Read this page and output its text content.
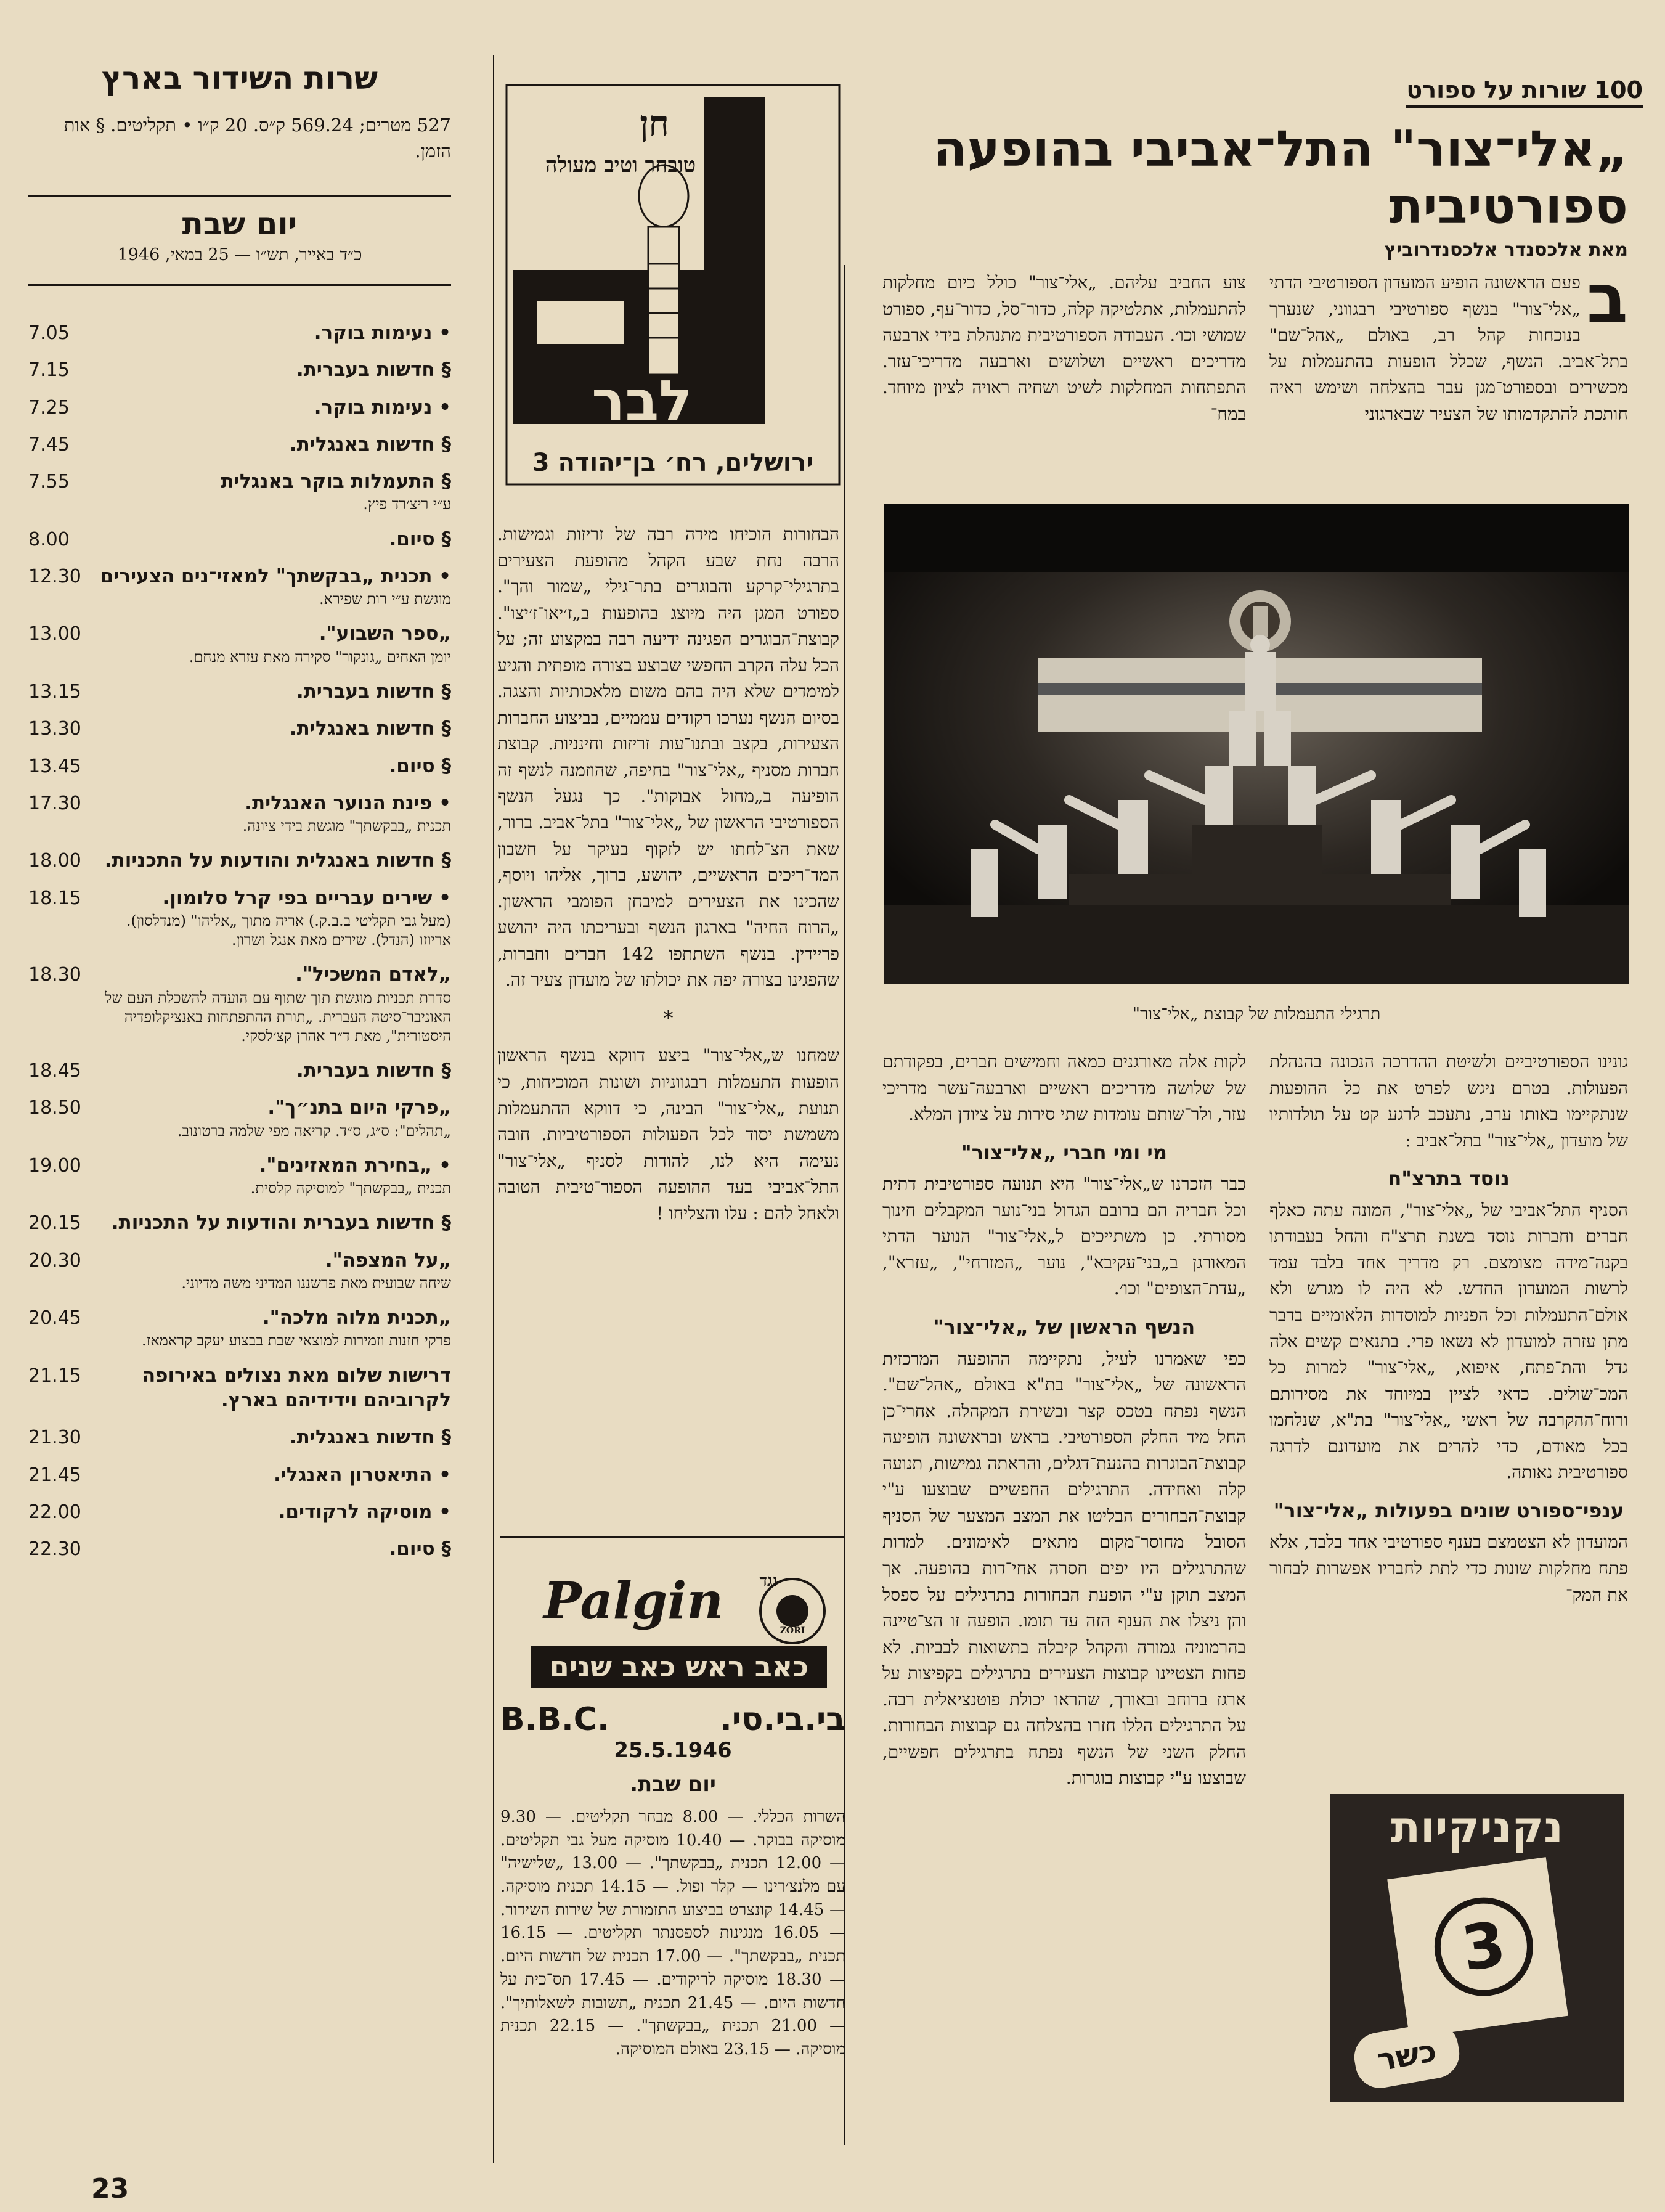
100 שורות על ספורט
„אלי־צור" התל־אביבי בהופעה ספורטיבית
מאת אלכסנדר אלכסנדרוביץ
ב
פעם הראשונה הופיע המועדון הספורטיבי הדתי „אלי־צור" בנשף ספורטיבי רבגווני, שנערך בנוכחות קהל רב, באולם „אהל־שם" בתל־אביב. הנשף, שכלל הופעות בהתעמלות על מכשירים ובספורט־מגן עבר בהצלחה ושימש ראיה חותכת להתקדמותו של הצעיר שבארגוני

צוע החביב עליהם. „אלי־צור" כולל כיום מחלקות להתעמלות, אתלטיקה קלה, כדור־סל, כדור־עף, ספורט שמושי וכו׳. העבודה הספורטיבית מתנהלת בידי ארבעה מדריכים ראשיים ושלושים וארבעה מדריכי־עזר. התפתחות המחלקות לשיט ושחיה ראויה לציון מיוחד. במח־

תרגילי התעמלות של קבוצת „אלי־צור"

גונינו הספורטיביים ולשיטת ההדרכה הנכונה בהנהלת הפעולות. בטרם ניגש לפרט את כל ההופעות שנתקיימו באותו ערב, נתעכב לרגע קט על תולדותיו של מועדון „אלי־צור" בתל־אביב :

נוסד בתרצ"ח

הסניף התל־אביבי של „אלי־צור", המונה עתה כאלף חברים וחברות נוסד בשנת תרצ"ח והחל בעבודתו בקנה־מידה מצומצם. רק מדריך אחד בלבד עמד לרשות המועדון החדש. לא היה לו מגרש ולא אולם־התעמלות וכל הפניות למוסדות הלאומיים בדבר מתן עזרה למועדון לא נשאו פרי. בתנאים קשים אלה גדל והת־פתח, איפוא, „אלי־צור" למרות כל המכ־שולים. כדאי לציין במיוחד את מסירותם ורוח־ההקרבה של ראשי „אלי־צור" בת"א, שנלחמו בכל מאודם, כדי להרים את מועדונם לדרגה ספורטיבית נאותה.

ענפי־ספורט שונים בפעולות „אלי־צור"

המועדון לא הצטמצם בענף ספורטיבי אחד בלבד, אלא פתח מחלקות שונות כדי לתת לחבריו אפשרות לבחור את המק־

לקות אלה מאורגנים כמאה וחמישים חברים, בפקודתם של שלושה מדריכים ראשיים וארבעה־עשר מדריכי עזר, ולר־שותם עומדות שתי סירות על ציודן המלא.

מי ומי חברי „אלי־צור"

כבר הזכרנו ש„אלי־צור" היא תנועה ספורטיבית דתית וכל חבריה הם ברובם הגדול בני־נוער המקבלים חינוך מסורתי. כן משתייכים ל„אלי־צור" הנוער הדתי המאורגן ב„בני־עקיבא", נוער „המזרחי", „עזרא", „עדת־הצופים" וכו׳.

הנשף הראשון של „אלי־צור"

כפי שאמרנו לעיל, נתקיימה ההופעה המרכזית הראשונה של „אלי־צור" בת"א באולם „אהל־שם". הנשף נפתח בטכס קצר ובשירת המקהלה. אחרי־כן החל מיד החלק הספורטיבי. בראש ובראשונה הופיעה קבוצת־הבוגרות בהנעת־דגלים, והראתה גמישות, תנועה קלה ואחידה. התרגילים החפשיים שבוצעו ע"י קבוצת־הבחורים הבליטו את המצב המצער של הסניף הסובל מחוסר־מקום מתאים לאימונים. למרות שהתרגילים היו יפים חסרה אחי־דות בהופעה. אך המצב תוקן ע"י הופעת הבחורות בתרגילים על ספסל והן ניצלו את הענף הזה עד תומו. הופעה זו הצ־טיינה בהרמוניה גמורה והקהל קיבלה בתשואות לבביות. לא פחות הצטיינו קבוצות הצעירים בתרגילים בקפיצות על ארגז ברוחב ובאורך, שהראו יכולת פוטנציאלית רבה. על התרגילים הללו חזרו בהצלחה גם קבוצות הבחורות. החלק השני של הנשף נפתח בתרגילים חפשיים, שבוצעו ע"י קבוצות בוגרות.

הבחורות הוכיחו מידה רבה של זריזות וגמישות. הרבה נחת שבע הקהל מהופעת הצעירים בתרגילי־קרקע והבוגרים בתר־גילי „שמור והך". ספורט המגן היה מיוצג בהופעות ב„ז׳יאו־ז׳יצו". קבוצת־הבוגרים הפגינה ידיעה רבה במקצוע זה; על הכל עלה הקרב החפשי שבוצע בצורה מופתית והגיע למימדים שלא היה בהם משום מלאכותיות והצגה. בסיום הנשף נערכו רקודים עממיים, בביצוע החברות הצעירות, בקצב ובתנו־עות זריזות וחינניות. קבוצת חברות מסניף „אלי־צור" בחיפה, שהוזמנה לנשף זה הופיעה ב„מחול אבוקות". כך נגעל הנשף הספורטיבי הראשון של „אלי־צור" בתל־אביב. ברור, שאת הצ־לחתו יש לזקוף בעיקר על חשבון המד־ריכים הראשיים, יהושע, ברוך, אליהו ויוסף, שהכינו את הצעירים למיבחן הפומבי הראשון. „הרוח החיה" בארגון הנשף ובעריכתו היה יהושע פריידין. בנשף השתתפו 142 חברים וחברות, שהפגינו בצורה יפה את יכולתו של מועדון צעיר זה.

*

שמחנו ש„אלי־צור" ביצע דווקא בנשף הראשון הופעות התעמלות רבגווניות ושונות המוכיחות, כי תנועת „אלי־צור" הבינה, כי דווקא ההתעמלות משמשת יסוד לכל הפעולות הספורטיביות. חובה נעימה היא לנו, להודות לסניף „אלי־צור" התל־אביבי בעד ההופעה הספור־טיבית הטובה ולאחל להם : עלו והצליחו !

חן
טובחר וטיב מעולה
לבר
ירושלים, רח׳ בן־יהודה 3
Palgin	נגד
ZORI
כאב ראש כאב שנים
בי.בי.סי.
B.B.C.
25.5.1946
יום שבת.
השרות הכללי. — 8.00 מבחר תקליטים. — 9.30 מוסיקה בבוקר. — 10.40 מוסיקה מעל גבי תקליטים. — 12.00 תכנית „בבקשתך". — 13.00 „שלישיה" עם מלנצ׳רינו — קלר ופול. — 14.15 תכנית מוסיקה. — 14.45 קונצרט בביצוע התזמורת של שירות השידור. — 16.05 מנגינות לספסנתר תקליטים. — 16.15 תכנית „בבקשתך". — 17.00 תכנית של חדשות היום. — 18.30 מוסיקה לריקודים. — 17.45 תס־כית על חדשות היום. — 21.45 תכנית „תשובות לשאלותיך". — 21.00 תכנית „בבקשתך". — 22.15 תכנית מוסיקה. — 23.15 באולם המוסיקה.
נקניקיות
3
כשר
שרות השידור בארץ
527 מטרים; 569.24 ק״ס. 20 ק״ו • תקליטים. § אות הזמן.
יום שבת
כ״ד באייר, תש״ו — 25 במאי, 1946
• נעימות בוקר.
7.05
§ חדשות בעברית.
7.15
• נעימות בוקר.
7.25
§ חדשות באנגלית.
7.45
§ התעמלות בוקר באנגלית
ע״י ריצ׳רד פיץ.
7.55
§ סיום.
8.00
• תכנית „בבקשתך" למאזי־נים הצעירים
מוגשת ע״י רות שפירא.
12.30
„ספר השבוע".
יומן האחים „גונקור" סקירה מאת עזרא מנחם.
13.00
§ חדשות בעברית.
13.15
§ חדשות באנגלית.
13.30
§ סיום.
13.45
• פינת הנוער האנגלית.
תכנית „בבקשתך" מוגשת בידי ציונה.
17.30
§ חדשות באנגלית והודעות על התכניות.
18.00
• שירים עבריים בפי קרל סלומון.
(מעל גבי תקליטי ב.ב.ק.) אריה מתוך „אליהו" (מנדלסון). אריוזו (הנדל). שירים מאת אנגל ושרון.
18.15
„לאדם המשכיל".
סדרת תכניות מוגשת תוך שתוף עם הועדה להשכלת העם של האוניבר־סיטה העברית. „תורת ההתפתחות באנציקלופדיה היסטורית", מאת ד״ר אהרן קצ׳לסקי.
18.30
§ חדשות בעברית.
18.45
„פרקי היום בתנ״ך".
„תהלים": ס״ג, ס״ד. קריאה מפי שלמה ברטונוב.
18.50
• „בחירת המאזינים".
תכנית „בבקשתך" למוסיקה קלסית.
19.00
§ חדשות בעברית והודעות על התכניות.
20.15
„על המצפה".
שיחה שבועית מאת פרשננו המדיני משה מדיוני.
20.30
„תכנית מלוה מלכה".
פרקי חזנות וזמירות למוצאי שבת בבצוע יעקב קראמאז.
20.45
דרישות שלום מאת נצולים באירופה לקרוביהם וידידיהם בארץ.
21.15
§ חדשות באנגלית.
21.30
• התיאטרון האנגלי.
21.45
• מוסיקה לרקודים.
22.00
§ סיום.
22.30
23
